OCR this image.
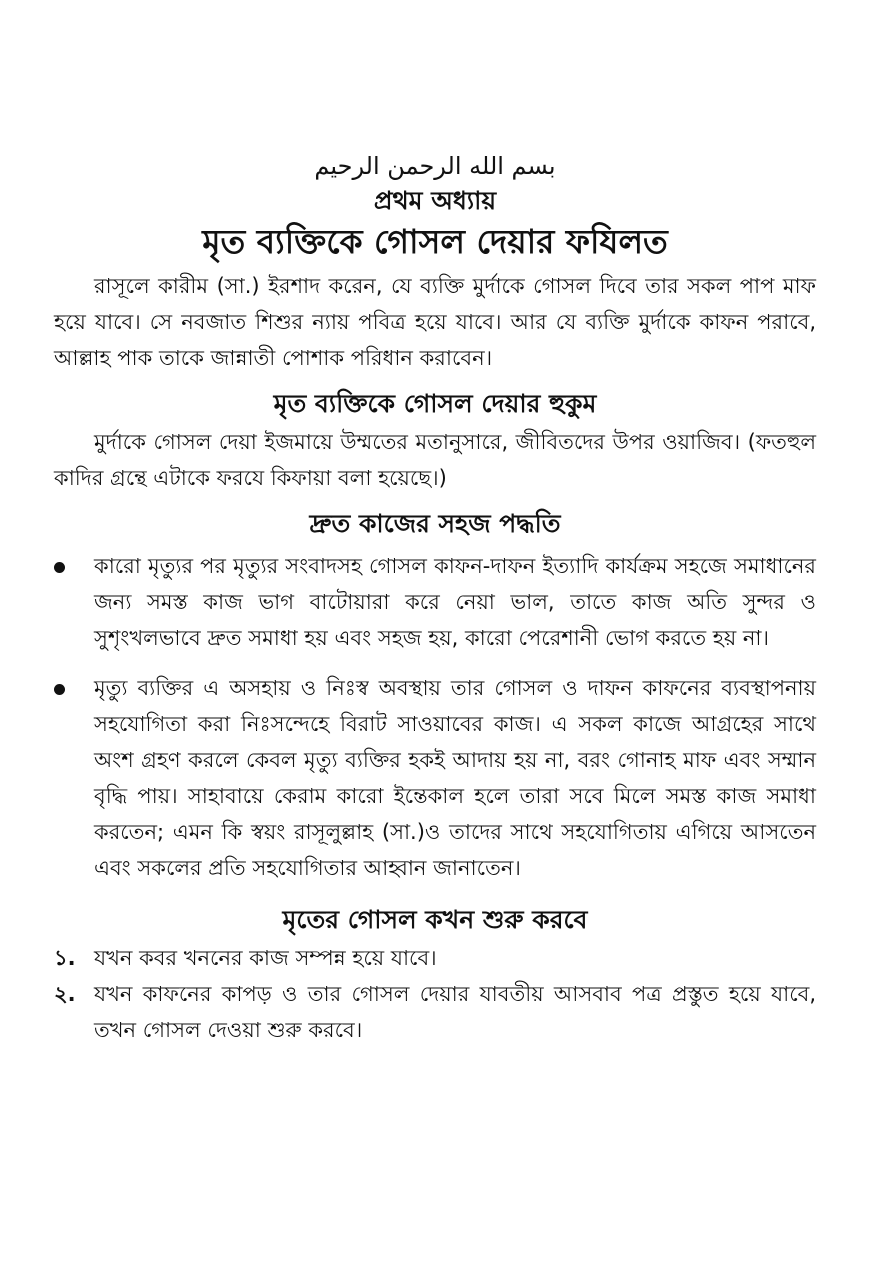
بسم الله الرحمن الرحيم

প্রথম অধ্যায়

মৃত ব্যক্তিকে গোসল দেয়ার ফযিলত

রাসূলে কারীম (সা.) ইরশাদ করেন, যে ব্যক্তি মুর্দাকে গোসল দিবে তার সকল পাপ মাফ হয়ে যাবে। সে নবজাত শিশুর ন্যায় পবিত্র হয়ে যাবে। আর যে ব্যক্তি মুর্দাকে কাফন পরাবে, আল্লাহ পাক তাকে জান্নাতী পোশাক পরিধান করাবেন।

মৃত ব্যক্তিকে গোসল দেয়ার হুকুম

মুর্দাকে গোসল দেয়া ইজমায়ে উম্মতের মতানুসারে, জীবিতদের উপর ওয়াজিব। (ফতহুল কাদির গ্রন্থে এটাকে ফরযে কিফায়া বলা হয়েছে।)

দ্রুত কাজের সহজ পদ্ধতি
কারো মৃত্যুর পর মৃত্যুর সংবাদসহ গোসল কাফন-দাফন ইত্যাদি কার্যক্রম সহজে সমাধানের জন্য সমস্ত কাজ ভাগ বাটোয়ারা করে নেয়া ভাল, তাতে কাজ অতি সুন্দর ও সুশৃংখলভাবে দ্রুত সমাধা হয় এবং সহজ হয়, কারো পেরেশানী ভোগ করতে হয় না।
মৃত্যু ব্যক্তির এ অসহায় ও নিঃস্ব অবস্থায় তার গোসল ও দাফন কাফনের ব্যবস্থাপনায় সহযোগিতা করা নিঃসন্দেহে বিরাট সাওয়াবের কাজ। এ সকল কাজে আগ্রহের সাথে অংশ গ্রহণ করলে কেবল মৃত্যু ব্যক্তির হকই আদায় হয় না, বরং গোনাহ মাফ এবং সম্মান বৃদ্ধি পায়। সাহাবায়ে কেরাম কারো ইন্তেকাল হলে তারা সবে মিলে সমস্ত কাজ সমাধা করতেন; এমন কি স্বয়ং রাসূলুল্লাহ (সা.)ও তাদের সাথে সহযোগিতায় এগিয়ে আসতেন এবং সকলের প্রতি সহযোগিতার আহ্বান জানাতেন।
মৃতের গোসল কখন শুরু করবে
১. যখন কবর খননের কাজ সম্পন্ন হয়ে যাবে।
২. যখন কাফনের কাপড় ও তার গোসল দেয়ার যাবতীয় আসবাব পত্র প্রস্তুত হয়ে যাবে, তখন গোসল দেওয়া শুরু করবে।
